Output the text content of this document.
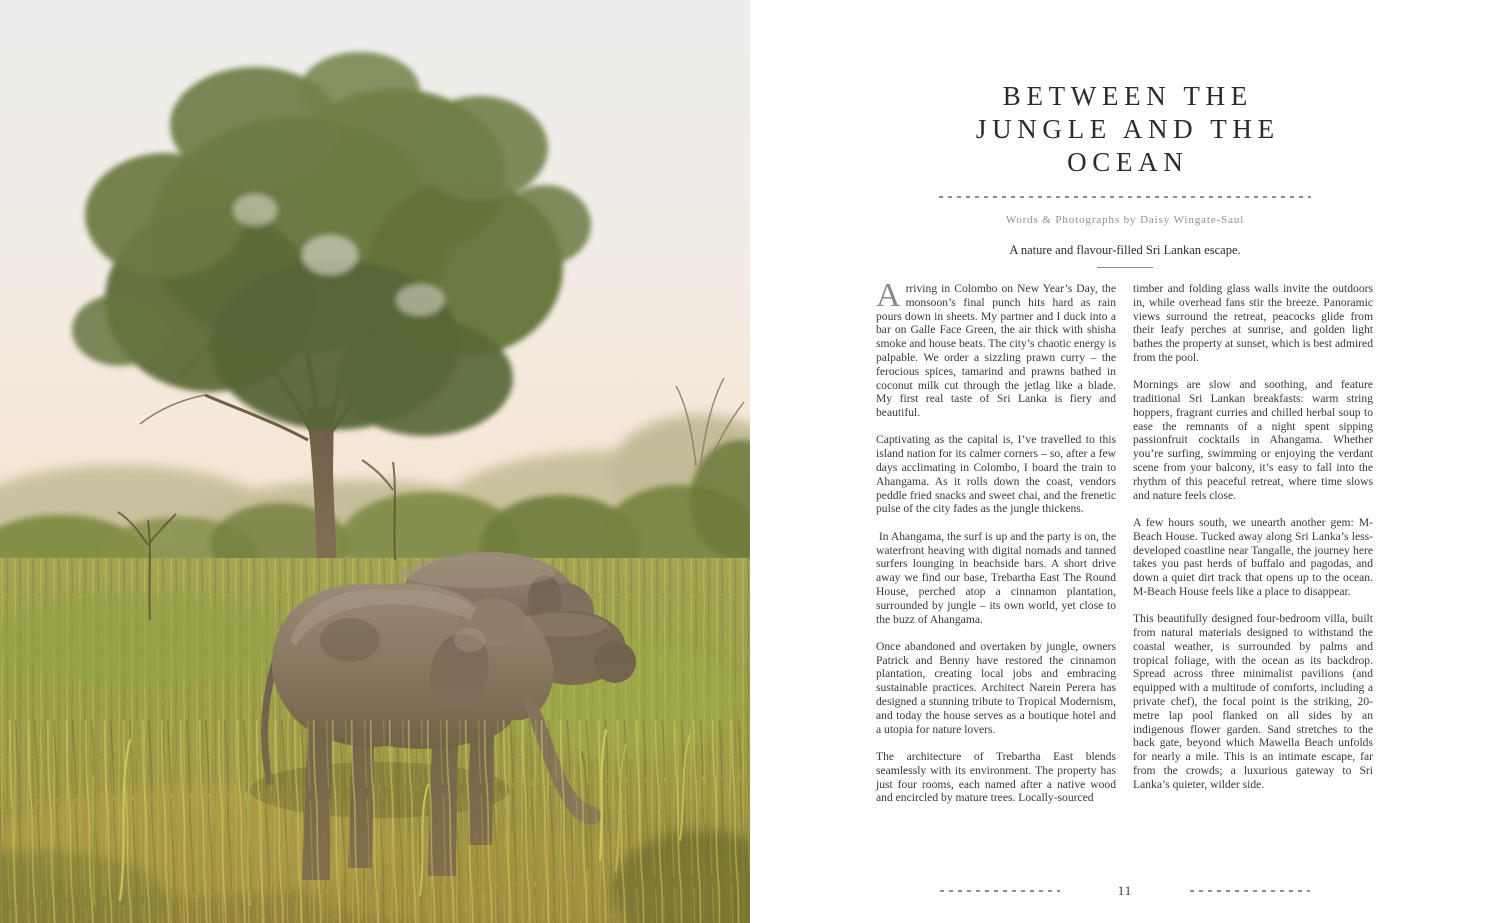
BETWEEN THE
JUNGLE AND THE
OCEAN

Words & Photographs by Daisy Wingate-Saul

A nature and flavour-filled Sri Lankan escape.

Arriving in Colombo on New Year’s Day, the monsoon’s final punch hits hard as rain pours down in sheets. My partner and I duck into a bar on Galle Face Green, the air thick with shisha smoke and house beats. The city’s chaotic energy is palpable. We order a sizzling prawn curry – the ferocious spices, tamarind and prawns bathed in coconut milk cut through the jetlag like a blade. My first real taste of Sri Lanka is fiery and beautiful.

Captivating as the capital is, I’ve travelled to this island nation for its calmer corners – so, after a few days acclimating in Colombo, I board the train to Ahangama. As it rolls down the coast, vendors peddle fried snacks and sweet chai, and the frenetic pulse of the city fades as the jungle thickens.

In Ahangama, the surf is up and the party is on, the waterfront heaving with digital nomads and tanned surfers lounging in beachside bars. A short drive away we find our base, Trebartha East The Round House, perched atop a cinnamon plantation, surrounded by jungle – its own world, yet close to the buzz of Ahangama.

Once abandoned and overtaken by jungle, owners Patrick and Benny have restored the cinnamon plantation, creating local jobs and embracing sustainable practices. Architect Narein Perera has designed a stunning tribute to Tropical Modernism, and today the house serves as a boutique hotel and a utopia for nature lovers.

The architecture of Trebartha East blends seamlessly with its environment. The property has just four rooms, each named after a native wood and encircled by mature trees. Locally-sourced

timber and folding glass walls invite the outdoors in, while overhead fans stir the breeze. Panoramic views surround the retreat, peacocks glide from their leafy perches at sunrise, and golden light bathes the property at sunset, which is best admired from the pool.

Mornings are slow and soothing, and feature traditional Sri Lankan breakfasts: warm string hoppers, fragrant curries and chilled herbal soup to ease the remnants of a night spent sipping passionfruit cocktails in Ahangama. Whether you’re surfing, swimming or enjoying the verdant scene from your balcony, it’s easy to fall into the rhythm of this peaceful retreat, where time slows and nature feels close.

A few hours south, we unearth another gem: M-Beach House. Tucked away along Sri Lanka’s less-developed coastline near Tangalle, the journey here takes you past herds of buffalo and pagodas, and down a quiet dirt track that opens up to the ocean. M-Beach House feels like a place to disappear.

This beautifully designed four-bedroom villa, built from natural materials designed to withstand the coastal weather, is surrounded by palms and tropical foliage, with the ocean as its backdrop. Spread across three minimalist pavilions (and equipped with a multitude of comforts, including a private chef), the focal point is the striking, 20-metre lap pool flanked on all sides by an indigenous flower garden. Sand stretches to the back gate, beyond which Mawella Beach unfolds for nearly a mile. This is an intimate escape, far from the crowds; a luxurious gateway to Sri Lanka’s quieter, wilder side.

11
